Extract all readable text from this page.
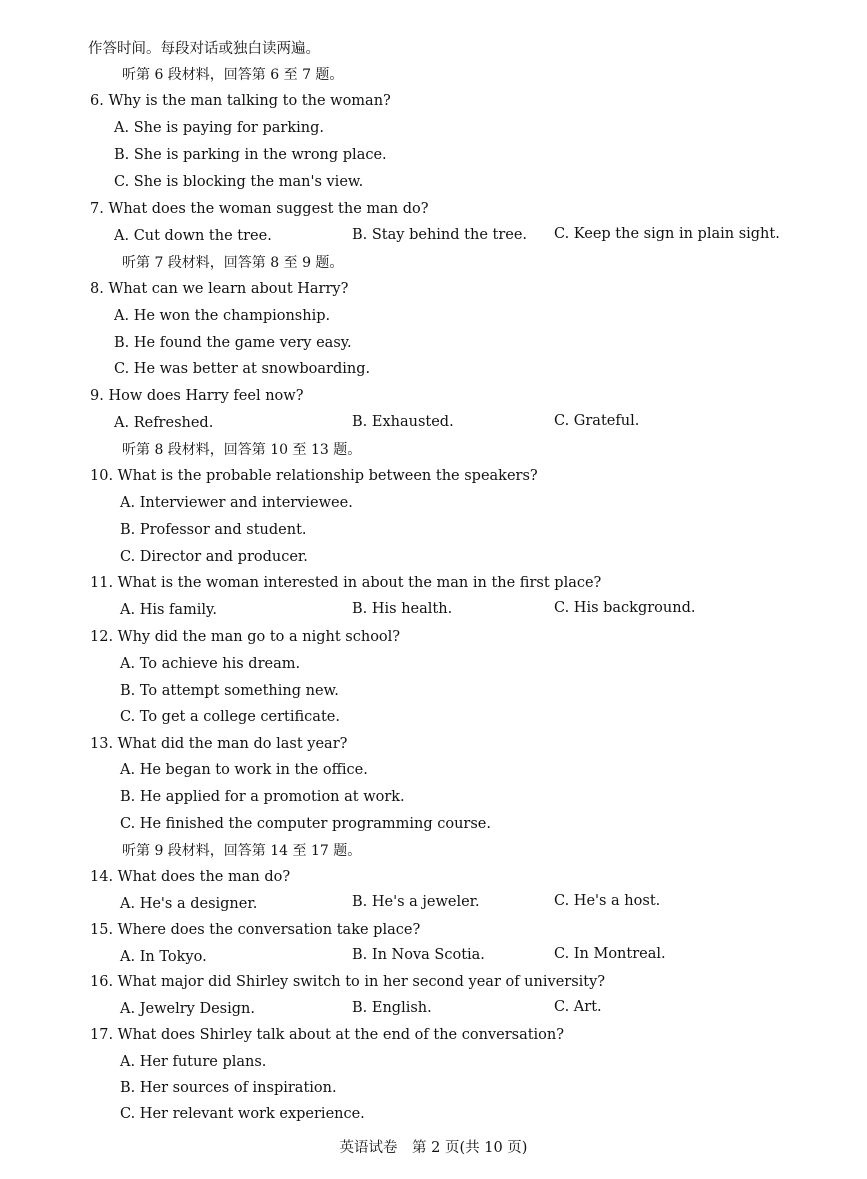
作答时间。每段对话或独白读两遍。
听第 6 段材料，回答第 6 至 7 题。
6. Why is the man talking to the woman?
A. She is paying for parking.
B. She is parking in the wrong place.
C. She is blocking the man's view.
7. What does the woman suggest the man do?
A. Cut down the tree.	B. Stay behind the tree. C. Keep the sign in plain sight.
听第 7 段材料，回答第 8 至 9 题。
8. What can we learn about Harry?
A. He won the championship.
B. He found the game very easy.
C. He was better at snowboarding.
9. How does Harry feel now?
A. Refreshed.	B. Exhausted.	C. Grateful.
听第 8 段材料，回答第 10 至 13 题。
10. What is the probable relationship between the speakers?
A. Interviewer and interviewee.
B. Professor and student.
C. Director and producer.
11. What is the woman interested in about the man in the first place?
A. His family.	B. His health.	C. His background.
12. Why did the man go to a night school?
A. To achieve his dream.
B. To attempt something new.
C. To get a college certificate.
13. What did the man do last year?
A. He began to work in the office.
B. He applied for a promotion at work.
C. He finished the computer programming course.
听第 9 段材料，回答第 14 至 17 题。
14. What does the man do?
A. He's a designer.	B. He's a jeweler.	C. He's a host.
15. Where does the conversation take place?
A. In Tokyo.	B. In Nova Scotia.	C. In Montreal.
16. What major did Shirley switch to in her second year of university?
A. Jewelry Design.	B. English.	C. Art.
17. What does Shirley talk about at the end of the conversation?
A. Her future plans.
B. Her sources of inspiration.
C. Her relevant work experience.
英语试卷　第 2 页(共 10 页)
